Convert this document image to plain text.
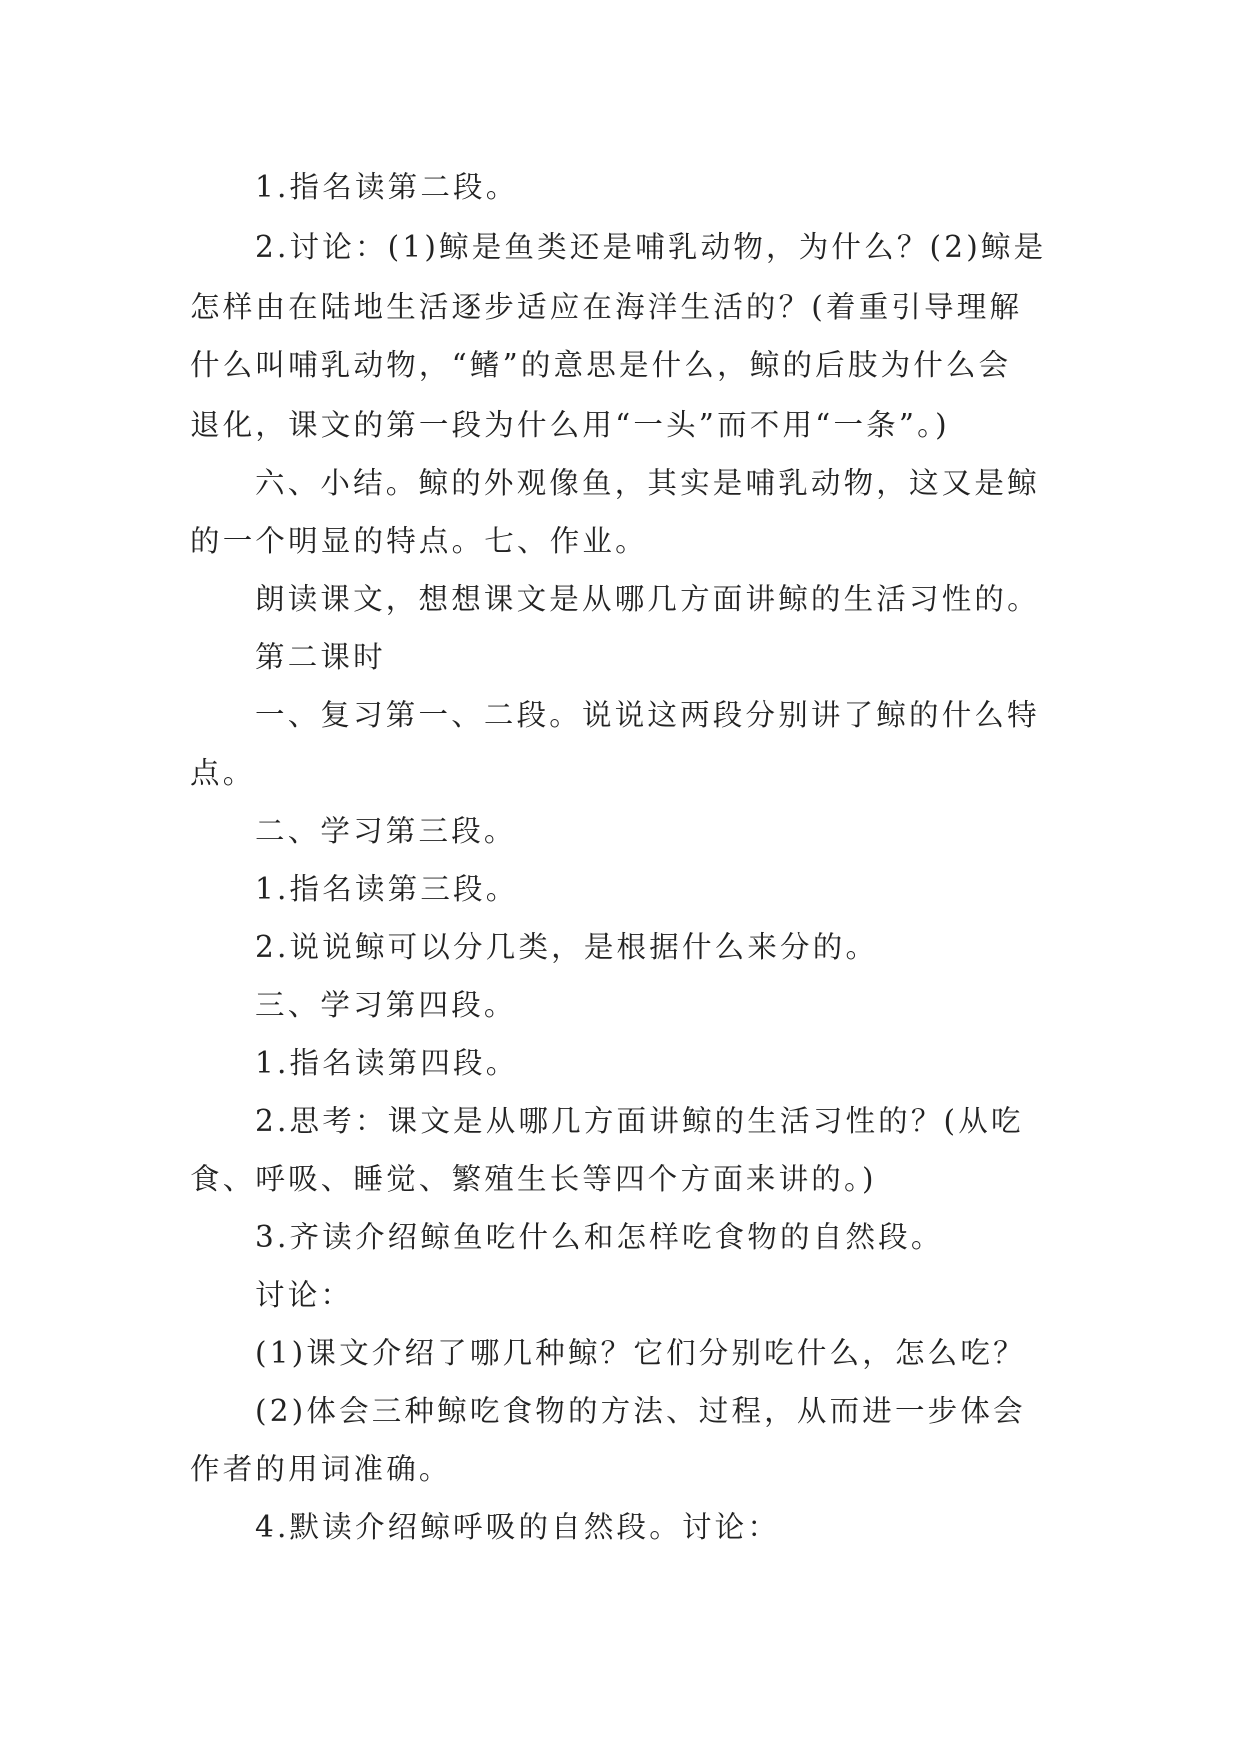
1.指名读第二段。
2.讨论：(1)鲸是鱼类还是哺乳动物，为什么？(2)鲸是
怎样由在陆地生活逐步适应在海洋生活的？(着重引导理解
什么叫哺乳动物，“鳍”的意思是什么，鲸的后肢为什么会
退化，课文的第一段为什么用“一头”而不用“一条”。)
六、小结。鲸的外观像鱼，其实是哺乳动物，这又是鲸
的一个明显的特点。七、作业。
朗读课文，想想课文是从哪几方面讲鲸的生活习性的。
第二课时
一、复习第一、二段。说说这两段分别讲了鲸的什么特
点。
二、学习第三段。
1.指名读第三段。
2.说说鲸可以分几类，是根据什么来分的。
三、学习第四段。
1.指名读第四段。
2.思考：课文是从哪几方面讲鲸的生活习性的？(从吃
食、呼吸、睡觉、繁殖生长等四个方面来讲的。)
3.齐读介绍鲸鱼吃什么和怎样吃食物的自然段。
讨论：
(1)课文介绍了哪几种鲸？它们分别吃什么，怎么吃？
(2)体会三种鲸吃食物的方法、过程，从而进一步体会
作者的用词准确。
4.默读介绍鲸呼吸的自然段。讨论：
